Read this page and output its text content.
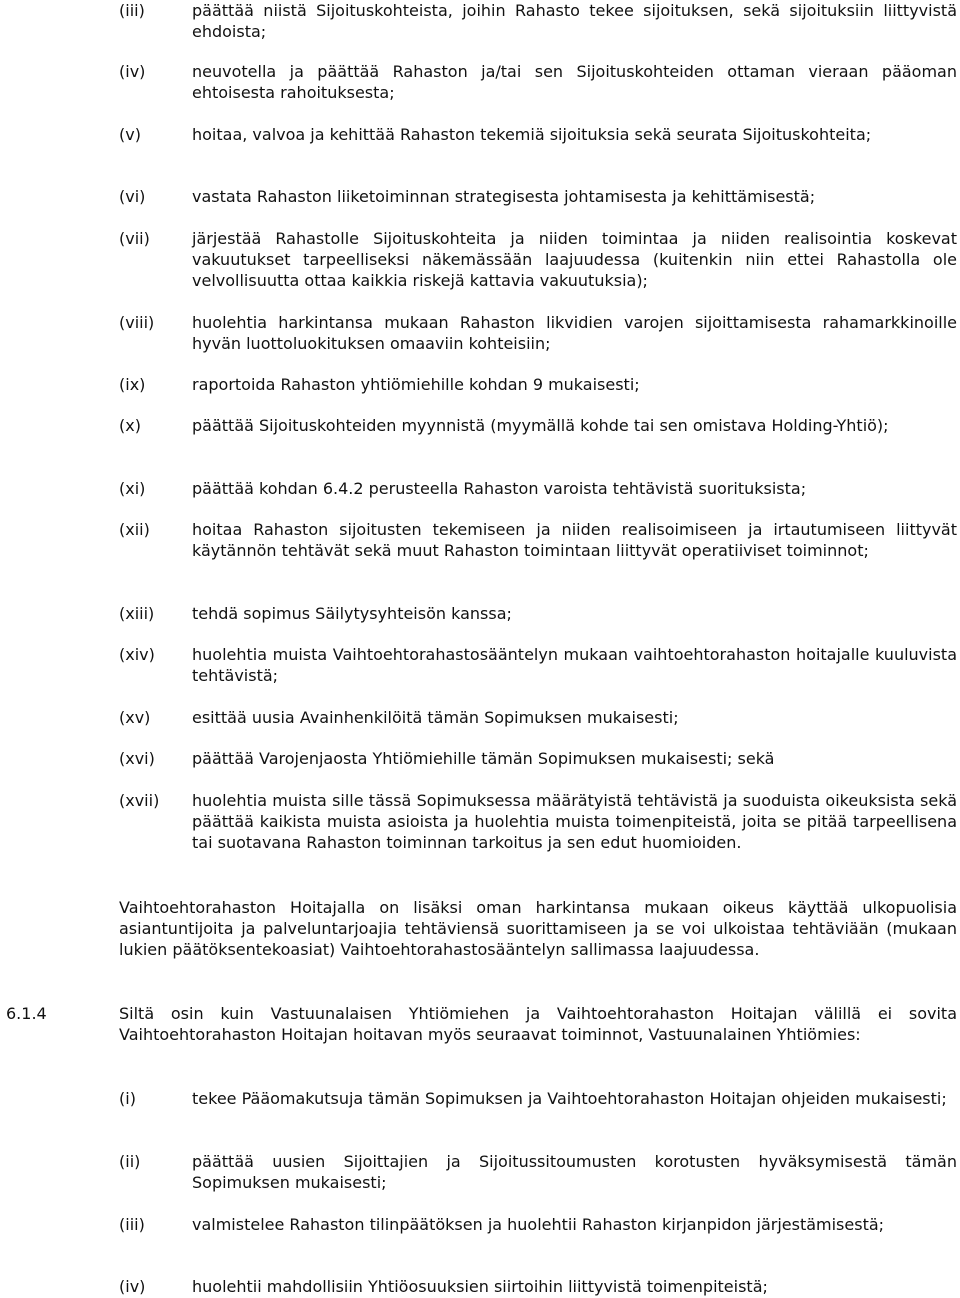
(iii)	päättää niistä Sijoituskohteista, joihin Rahasto tekee sijoituksen, sekä sijoituksiin liittyvistä ehdoista;
(iv)	neuvotella ja päättää Rahaston ja/tai sen Sijoituskohteiden ottaman vieraan pääoman ehtoisesta rahoituksesta;
(v)	hoitaa, valvoa ja kehittää Rahaston tekemiä sijoituksia sekä seurata Sijoituskohteita;
(vi)	vastata Rahaston liiketoiminnan strategisesta johtamisesta ja kehittämisestä;
(vii)	järjestää Rahastolle Sijoituskohteita ja niiden toimintaa ja niiden realisointia koskevat vakuutukset tarpeelliseksi näkemässään laajuudessa (kuitenkin niin ettei Rahastolla ole velvollisuutta ottaa kaikkia riskejä kattavia vakuutuksia);
(viii) huolehtia harkintansa mukaan Rahaston likvidien varojen sijoittamisesta rahamarkkinoille hyvän luottoluokituksen omaaviin kohteisiin;
(ix)	raportoida Rahaston yhtiömiehille kohdan 9 mukaisesti;
(x)	päättää Sijoituskohteiden myynnistä (myymällä kohde tai sen omistava Holding-Yhtiö);
(xi)	päättää kohdan 6.4.2 perusteella Rahaston varoista tehtävistä suorituksista;
(xii)	hoitaa Rahaston sijoitusten tekemiseen ja niiden realisoimiseen ja irtautumiseen liittyvät käytännön tehtävät sekä muut Rahaston toimintaan liittyvät operatiiviset toiminnot;
(xiii) tehdä sopimus Säilytysyhteisön kanssa;
(xiv) huolehtia muista Vaihtoehtorahastosääntelyn mukaan vaihtoehtorahaston hoitajalle kuuluvista tehtävistä;
(xv)	esittää uusia Avainhenkilöitä tämän Sopimuksen mukaisesti;
(xvi) päättää Varojenjaosta Yhtiömiehille tämän Sopimuksen mukaisesti; sekä
(xvii) huolehtia muista sille tässä Sopimuksessa määrätyistä tehtävistä ja suoduista oikeuksista sekä päättää kaikista muista asioista ja huolehtia muista toimenpiteistä, joita se pitää tarpeellisena tai suotavana Rahaston toiminnan tarkoitus ja sen edut huomioiden.
Vaihtoehtorahaston Hoitajalla on lisäksi oman harkintansa mukaan oikeus käyttää ulkopuolisia asiantuntijoita ja palveluntarjoajia tehtäviensä suorittamiseen ja se voi ulkoistaa tehtäviään (mukaan lukien päätöksentekoasiat) Vaihtoehtorahastosääntelyn sallimassa laajuudessa.
6.1.4	Siltä osin kuin Vastuunalaisen Yhtiömiehen ja Vaihtoehtorahaston Hoitajan välillä ei sovita Vaihtoehtorahaston Hoitajan hoitavan myös seuraavat toiminnot, Vastuunalainen Yhtiömies:
(i)	tekee Pääomakutsuja tämän Sopimuksen ja Vaihtoehtorahaston Hoitajan ohjeiden mukaisesti;
(ii)	päättää uusien Sijoittajien ja Sijoitussitoumusten korotusten hyväksymisestä tämän Sopimuksen mukaisesti;
(iii)	valmistelee Rahaston tilinpäätöksen ja huolehtii Rahaston kirjanpidon järjestämisestä;
(iv)	huolehtii mahdollisiin Yhtiöosuuksien siirtoihin liittyvistä toimenpiteistä;
